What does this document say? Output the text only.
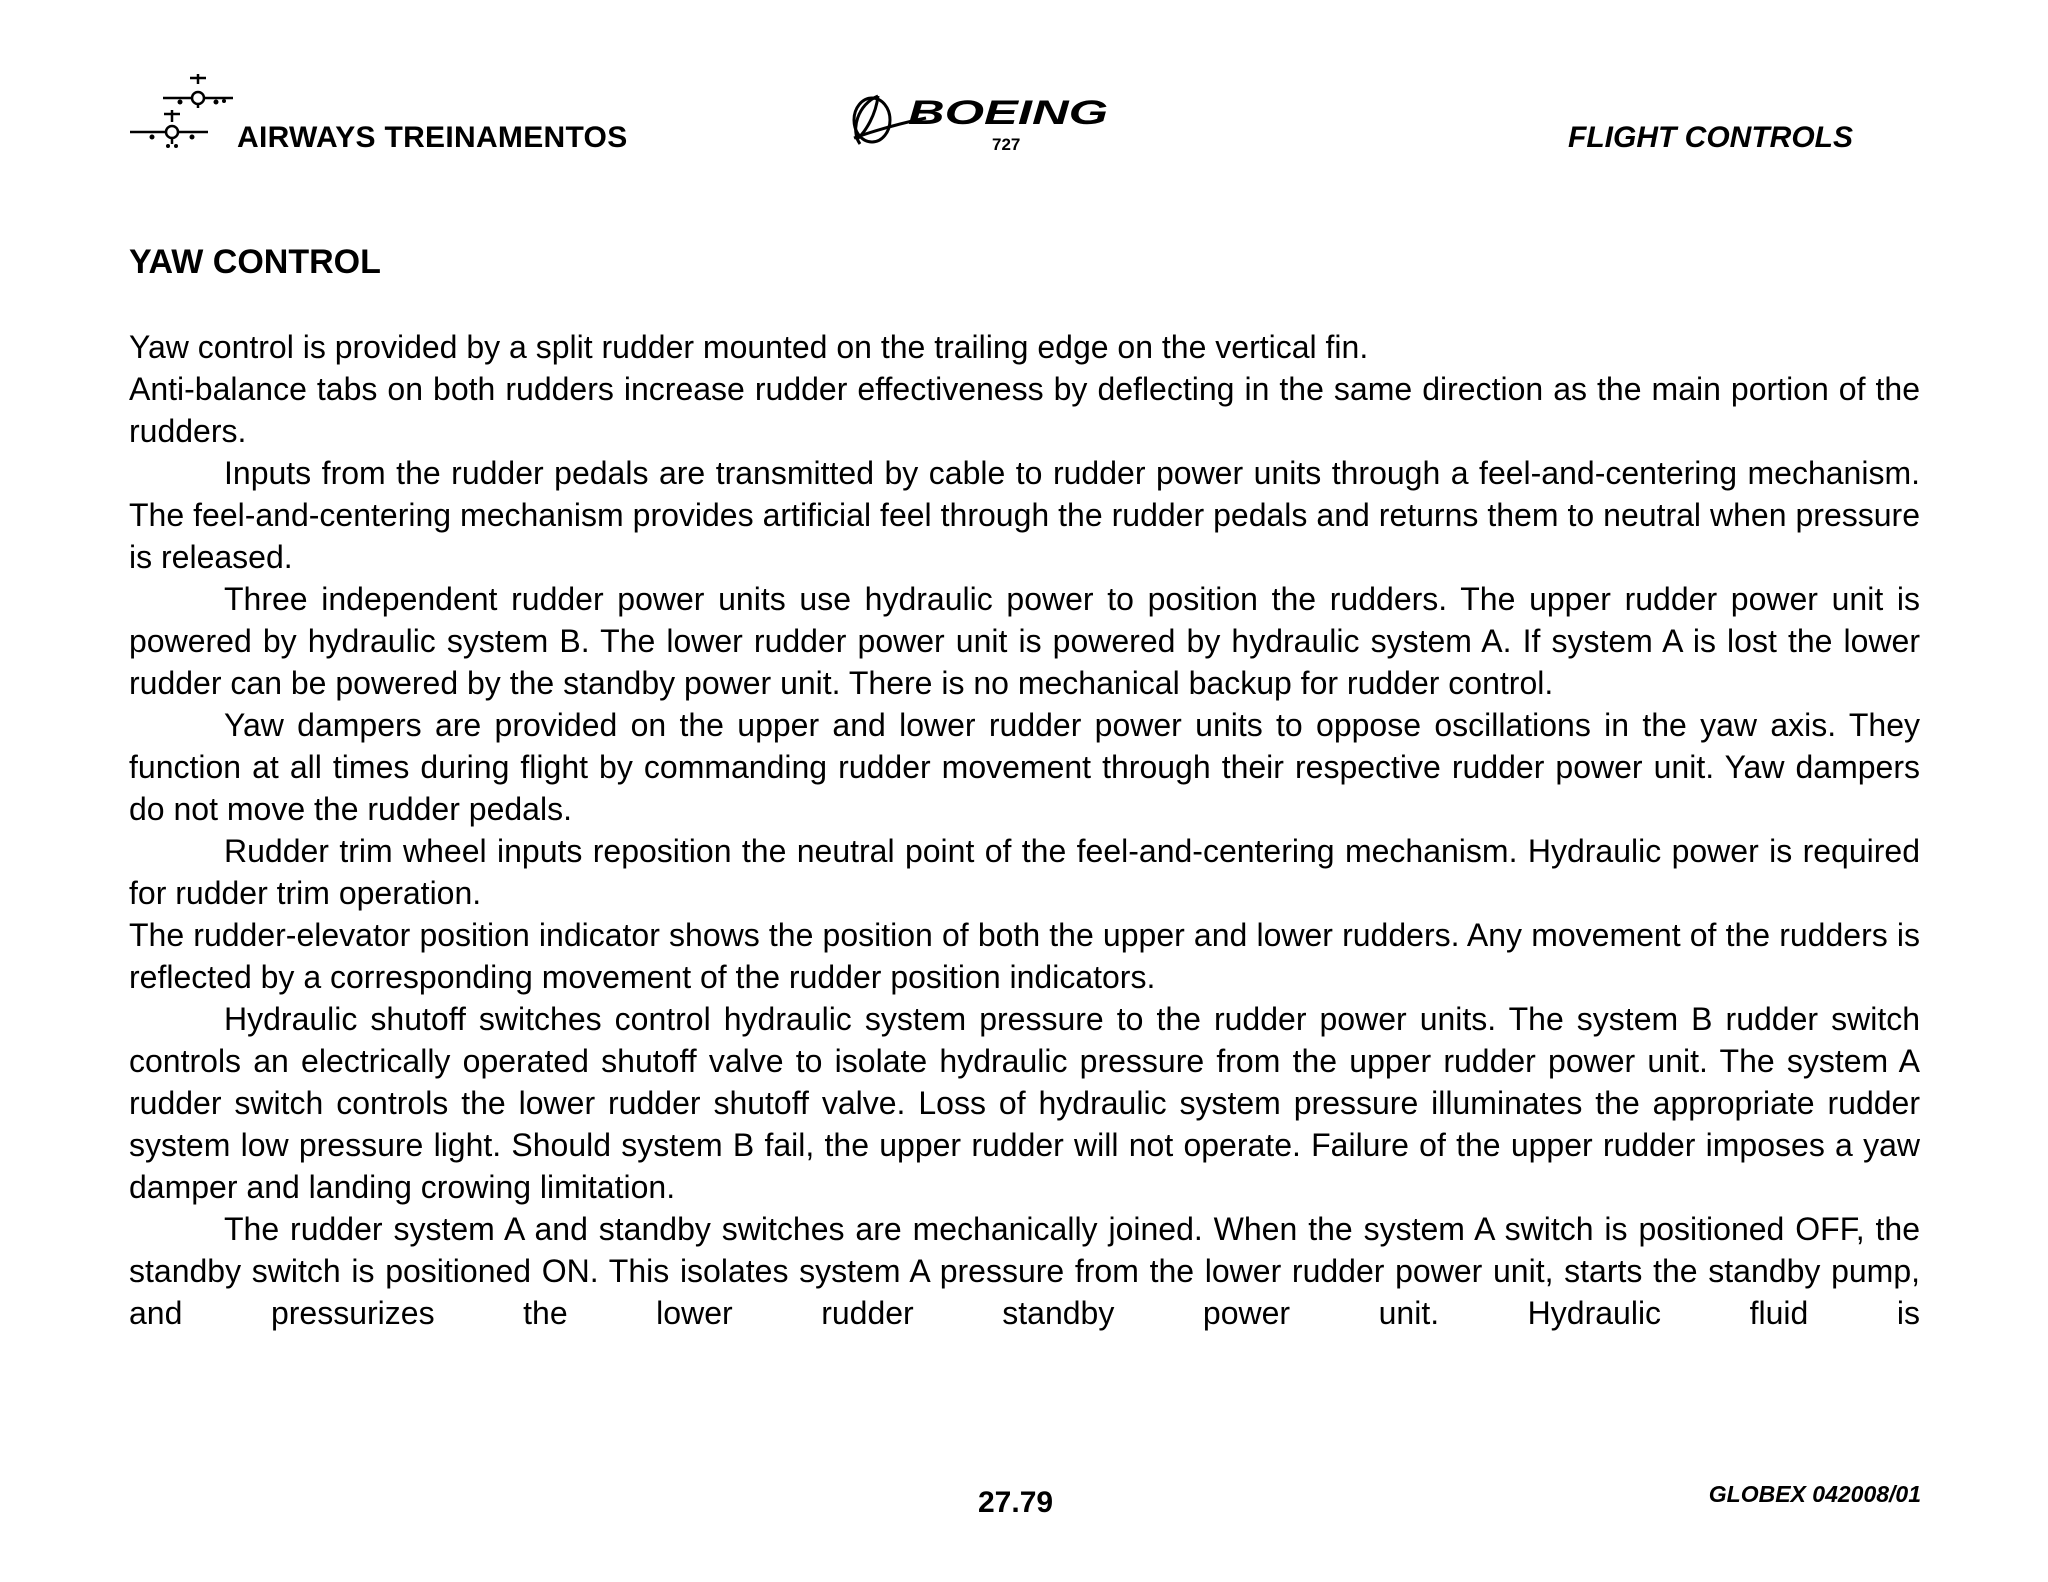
AIRWAYS TREINAMENTOS
BOEING
727	FLIGHT CONTROLS
YAW CONTROL

Yaw control is provided by a split rudder mounted on the trailing edge on the vertical fin.

Anti-balance tabs on both rudders increase rudder effectiveness by deflecting in the same direction as the main portion of the rudders.

Inputs from the rudder pedals are transmitted by cable to rudder power units through a feel-and-centering mechanism. The feel-and-centering mechanism provides artificial feel through the rudder pedals and returns them to neutral when pressure is released.

Three independent rudder power units use hydraulic power to position the rudders. The upper rudder power unit is powered by hydraulic system B. The lower rudder power unit is powered by hydraulic system A. If system A is lost the lower rudder can be powered by the standby power unit. There is no mechanical backup for rudder control.

Yaw dampers are provided on the upper and lower rudder power units to oppose oscillations in the yaw axis. They function at all times during flight by commanding rudder movement through their respective rudder power unit. Yaw dampers do not move the rudder pedals.

Rudder trim wheel inputs reposition the neutral point of the feel-and-centering mechanism. Hydraulic power is required for rudder trim operation.

The rudder-elevator position indicator shows the position of both the upper and lower rudders. Any movement of the rudders is reflected by a corresponding movement of the rudder position indicators.

Hydraulic shutoff switches control hydraulic system pressure to the rudder power units. The system B rudder switch controls an electrically operated shutoff valve to isolate hydraulic pressure from the upper rudder power unit. The system A rudder switch controls the lower rudder shutoff valve. Loss of hydraulic system pressure illuminates the appropriate rudder system low pressure light. Should system B fail, the upper rudder will not operate. Failure of the upper rudder imposes a yaw damper and landing crowing limitation.

The rudder system A and standby switches are mechanically joined. When the system A switch is positioned OFF, the standby switch is positioned ON. This isolates system A pressure from the lower rudder power unit, starts the standby pump, and pressurizes the lower rudder standby power unit. Hydraulic fluid is

27.79	GLOBEX 042008/01
